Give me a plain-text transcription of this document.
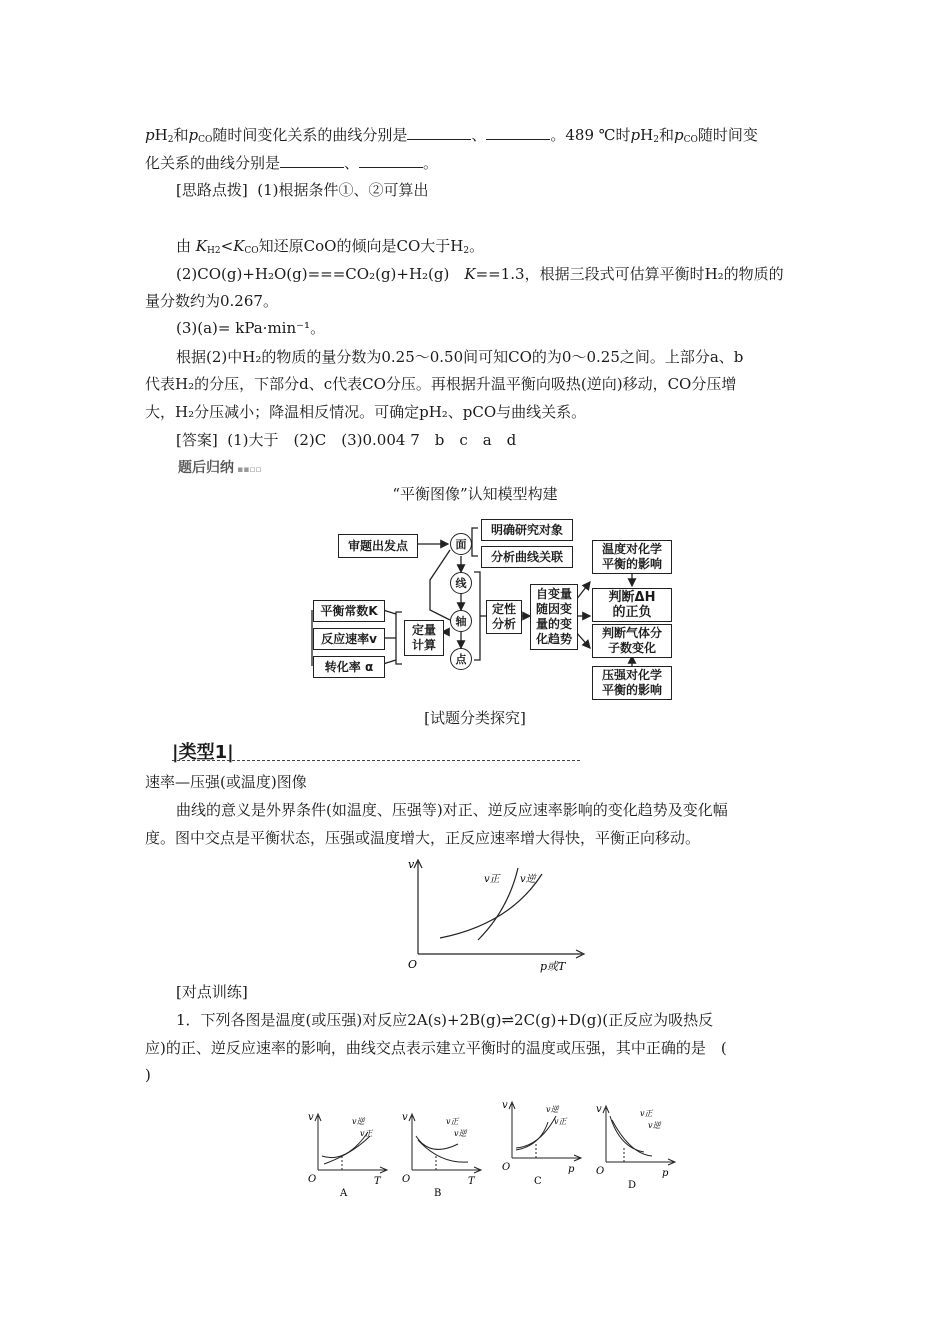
$pH_2$和$p_{CO}$随时间变化关系的曲线分别是	、	。489 ℃时$pH_2$和$p_{CO}$随时间变
化关系的曲线分别是	、	。
[思路点拨] (1)根据条件①、②可算出
由 $K_{H2}<K_{CO}$知还原CoO的倾向是CO大于$H_2$。
(2)CO(g)+H₂O(g)===CO₂(g)+H₂(g)　K==1.3，根据三段式可估算平衡时H₂的物质的
量分数约为0.267。
(3)(a)= kPa·min⁻¹。
根据(2)中H₂的物质的量分数为0.25～0.50间可知CO的为0～0.25之间。上部分a、b
代表H₂的分压，下部分d、c代表CO分压。再根据升温平衡向吸热(逆向)移动，CO分压增
大，H₂分压减小；降温相反情况。可确定pH₂、pCO与曲线关系。
[答案] (1)大于　(2)C　(3)0.004 7　b　c　a　d
题后归纳 ▪▪▫▫
“平衡图像”认知模型构建
审题出发点	面
明确研究对象
分析曲线关联
线
轴
点
定性
分析
自变量
随因变
量的变
化趋势
温度对化学
平衡的影响
判断ΔH
的正负
判断气体分
子数变化
压强对化学
平衡的影响
定量
计算
平衡常数K
反应速率v
转化率 α
[试题分类探究]
|类型1|
速率—压强(或温度)图像
曲线的意义是外界条件(如温度、压强等)对正、逆反应速率影响的变化趋势及变化幅
度。图中交点是平衡状态，压强或温度增大，正反应速率增大得快，平衡正向移动。
v
O	p或T
v正 v逆
[对点训练]
1．下列各图是温度(或压强)对反应2A(s)+2B(g)⇌2C(g)+D(g)(正反应为吸热反
应)的正、逆反应速率的影响，曲线交点表示建立平衡时的温度或压强，其中正确的是　(
)
v
O	T
v逆
v正
A
v
O	T
v正
v逆
B
v
O	p
v逆
v正
C
v
O	p
v正
v逆
D
